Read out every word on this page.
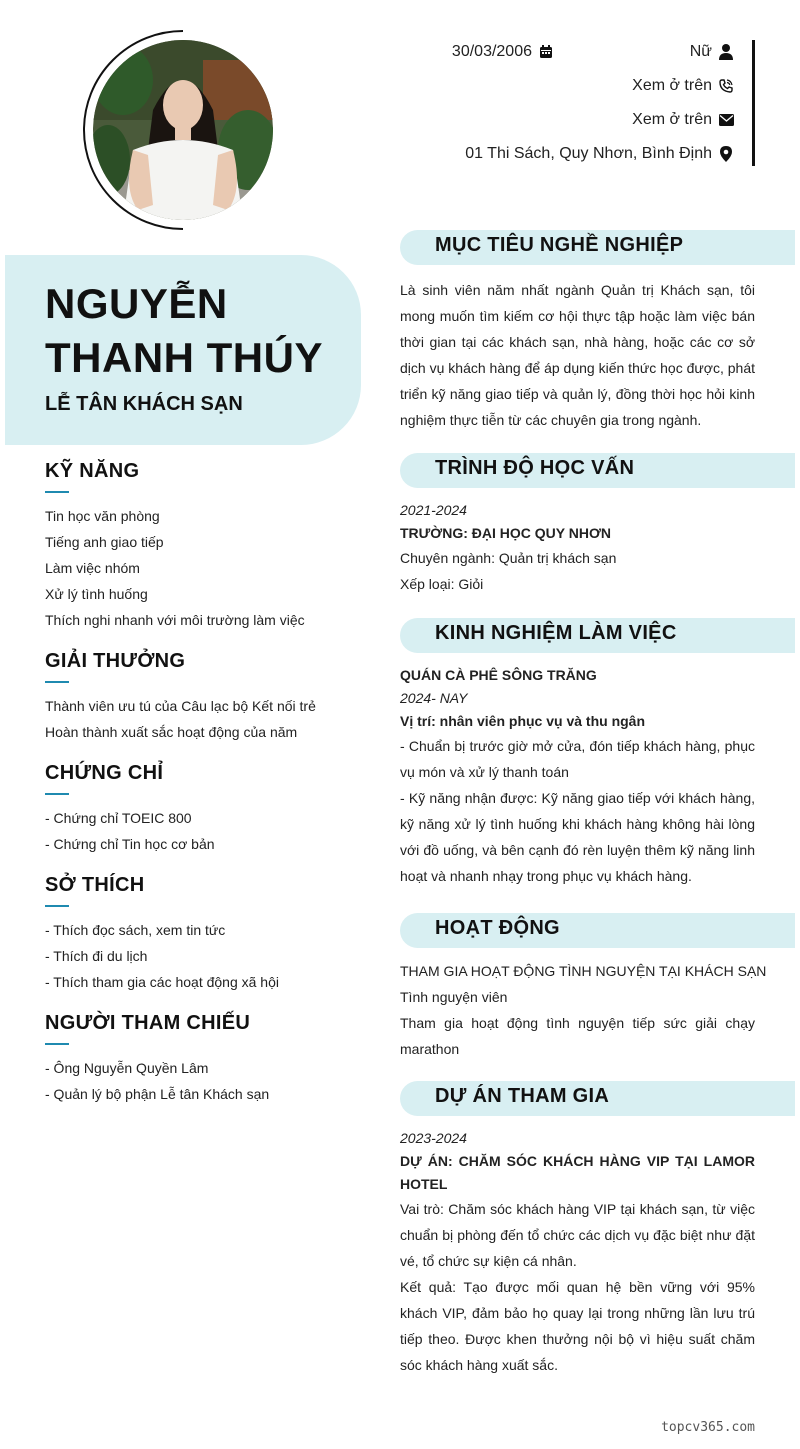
30/03/2006	Nữ
Xem ở trên
Xem ở trên
01 Thi Sách, Quy Nhơn, Bình Định
NGUYỄN
THANH THÚY
LỄ TÂN KHÁCH SẠN
KỸ NĂNG
Tin học văn phòng
Tiếng anh giao tiếp
Làm việc nhóm
Xử lý tình huống
Thích nghi nhanh với môi trường làm việc
GIẢI THƯỞNG
Thành viên ưu tú của Câu lạc bộ Kết nối trẻ
Hoàn thành xuất sắc hoạt động của năm
CHỨNG CHỈ
- Chứng chỉ TOEIC 800
- Chứng chỉ Tin học cơ bản
SỞ THÍCH
- Thích đọc sách, xem tin tức
- Thích đi du lịch
- Thích tham gia các hoạt động xã hội
NGƯỜI THAM CHIẾU
- Ông Nguyễn Quyền Lâm
- Quản lý bộ phận Lễ tân Khách sạn
MỤC TIÊU NGHỀ NGHIỆP

Là sinh viên năm nhất ngành Quản trị Khách sạn, tôi mong muốn tìm kiếm cơ hội thực tập hoặc làm việc bán thời gian tại các khách sạn, nhà hàng, hoặc các cơ sở dịch vụ khách hàng để áp dụng kiến thức học được, phát triển kỹ năng giao tiếp và quản lý, đồng thời học hỏi kinh nghiệm thực tiễn từ các chuyên gia trong ngành.

TRÌNH ĐỘ HỌC VẤN
2021-2024
TRƯỜNG: ĐẠI HỌC QUY NHƠN
Chuyên ngành: Quản trị khách sạn
Xếp loại: Giỏi
KINH NGHIỆM LÀM VIỆC
QUÁN CÀ PHÊ SÔNG TRĂNG
2024- NAY
Vị trí: nhân viên phục vụ và thu ngân

- Chuẩn bị trước giờ mở cửa, đón tiếp khách hàng, phục vụ món và xử lý thanh toán

- Kỹ năng nhận được: Kỹ năng giao tiếp với khách hàng, kỹ năng xử lý tình huống khi khách hàng không hài lòng với đồ uống, và bên cạnh đó rèn luyện thêm kỹ năng linh hoạt và nhanh nhạy trong phục vụ khách hàng.

HOẠT ĐỘNG
THAM GIA HOẠT ĐỘNG TÌNH NGUYỆN TẠI KHÁCH SẠN
Tình nguyện viên

Tham gia hoạt động tình nguyện tiếp sức giải chạy marathon

DỰ ÁN THAM GIA
2023-2024

DỰ ÁN: CHĂM SÓC KHÁCH HÀNG VIP TẠI LAMOR HOTEL

Vai trò: Chăm sóc khách hàng VIP tại khách sạn, từ việc chuẩn bị phòng đến tổ chức các dịch vụ đặc biệt như đặt vé, tổ chức sự kiện cá nhân.

Kết quả: Tạo được mối quan hệ bền vững với 95% khách VIP, đảm bảo họ quay lại trong những lần lưu trú tiếp theo. Được khen thưởng nội bộ vì hiệu suất chăm sóc khách hàng xuất sắc.

topcv365.com
